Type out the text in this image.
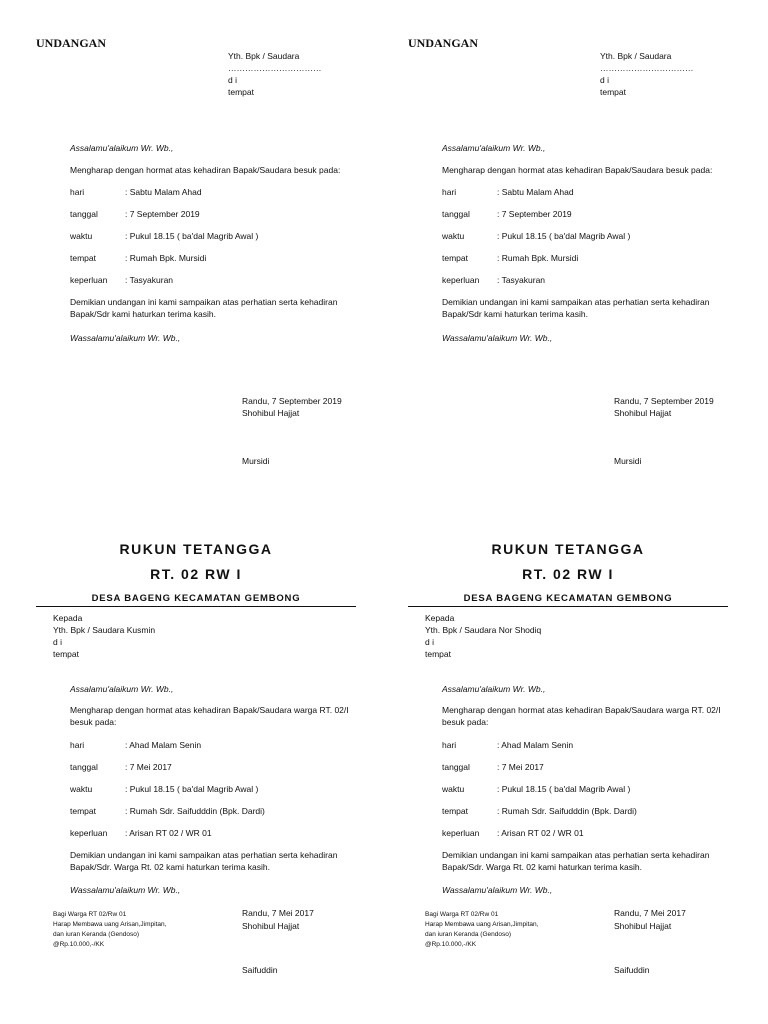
UNDANGAN
Yth. Bpk / Saudara
……………………………
d i
tempat
Assalamu'alaikum Wr. Wb.,
Mengharap dengan hormat atas kehadiran Bapak/Saudara besuk pada:
hari	: Sabtu Malam Ahad
tanggal	: 7 September 2019
waktu	: Pukul 18.15 ( ba'dal Magrib Awal )
tempat	: Rumah Bpk. Mursidi
keperluan : Tasyakuran
Demikian undangan ini kami sampaikan atas perhatian serta kehadiran Bapak/Sdr kami haturkan terima kasih.
Wassalamu'alaikum Wr. Wb.,
Randu, 7 September 2019
Shohibul Hajjat
Mursidi
UNDANGAN
Yth. Bpk / Saudara
……………………………
d i
tempat
Assalamu'alaikum Wr. Wb.,
Mengharap dengan hormat atas kehadiran Bapak/Saudara besuk pada:
hari	: Sabtu Malam Ahad
tanggal	: 7 September 2019
waktu	: Pukul 18.15 ( ba'dal Magrib Awal )
tempat	: Rumah Bpk. Mursidi
keperluan : Tasyakuran
Demikian undangan ini kami sampaikan atas perhatian serta kehadiran Bapak/Sdr kami haturkan terima kasih.
Wassalamu'alaikum Wr. Wb.,
Randu, 7 September 2019
Shohibul Hajjat
Mursidi
RUKUN TETANGGA
RT. 02 RW I
DESA BAGENG KECAMATAN GEMBONG
Kepada
Yth. Bpk / Saudara Kusmin
d i
tempat
Assalamu'alaikum Wr. Wb.,
Mengharap dengan hormat atas kehadiran Bapak/Saudara warga RT. 02/I besuk pada:
hari	: Ahad Malam Senin
tanggal	: 7 Mei 2017
waktu	: Pukul 18.15 ( ba'dal Magrib Awal )
tempat	: Rumah Sdr. Saifudddin (Bpk. Dardi)
keperluan : Arisan RT 02 / WR 01
Demikian undangan ini kami sampaikan atas perhatian serta kehadiran Bapak/Sdr. Warga Rt. 02 kami haturkan terima kasih.
Wassalamu'alaikum Wr. Wb.,
Bagi Warga RT 02/Rw 01
Harap Membawa uang Arisan,Jimpitan,
dan iuran Keranda (Gendoso)
@Rp.10.000,-/KK
Randu, 7 Mei 2017
Shohibul Hajjat
Saifuddin
RUKUN TETANGGA
RT. 02 RW I
DESA BAGENG KECAMATAN GEMBONG
Kepada
Yth. Bpk / Saudara Nor Shodiq
d i
tempat
Assalamu'alaikum Wr. Wb.,
Mengharap dengan hormat atas kehadiran Bapak/Saudara warga RT. 02/I besuk pada:
hari	: Ahad Malam Senin
tanggal	: 7 Mei 2017
waktu	: Pukul 18.15 ( ba'dal Magrib Awal )
tempat	: Rumah Sdr. Saifudddin (Bpk. Dardi)
keperluan : Arisan RT 02 / WR 01
Demikian undangan ini kami sampaikan atas perhatian serta kehadiran Bapak/Sdr. Warga Rt. 02 kami haturkan terima kasih.
Wassalamu'alaikum Wr. Wb.,
Bagi Warga RT 02/Rw 01
Harap Membawa uang Arisan,Jimpitan,
dan iuran Keranda (Gendoso)
@Rp.10.000,-/KK
Randu, 7 Mei 2017
Shohibul Hajjat
Saifuddin
